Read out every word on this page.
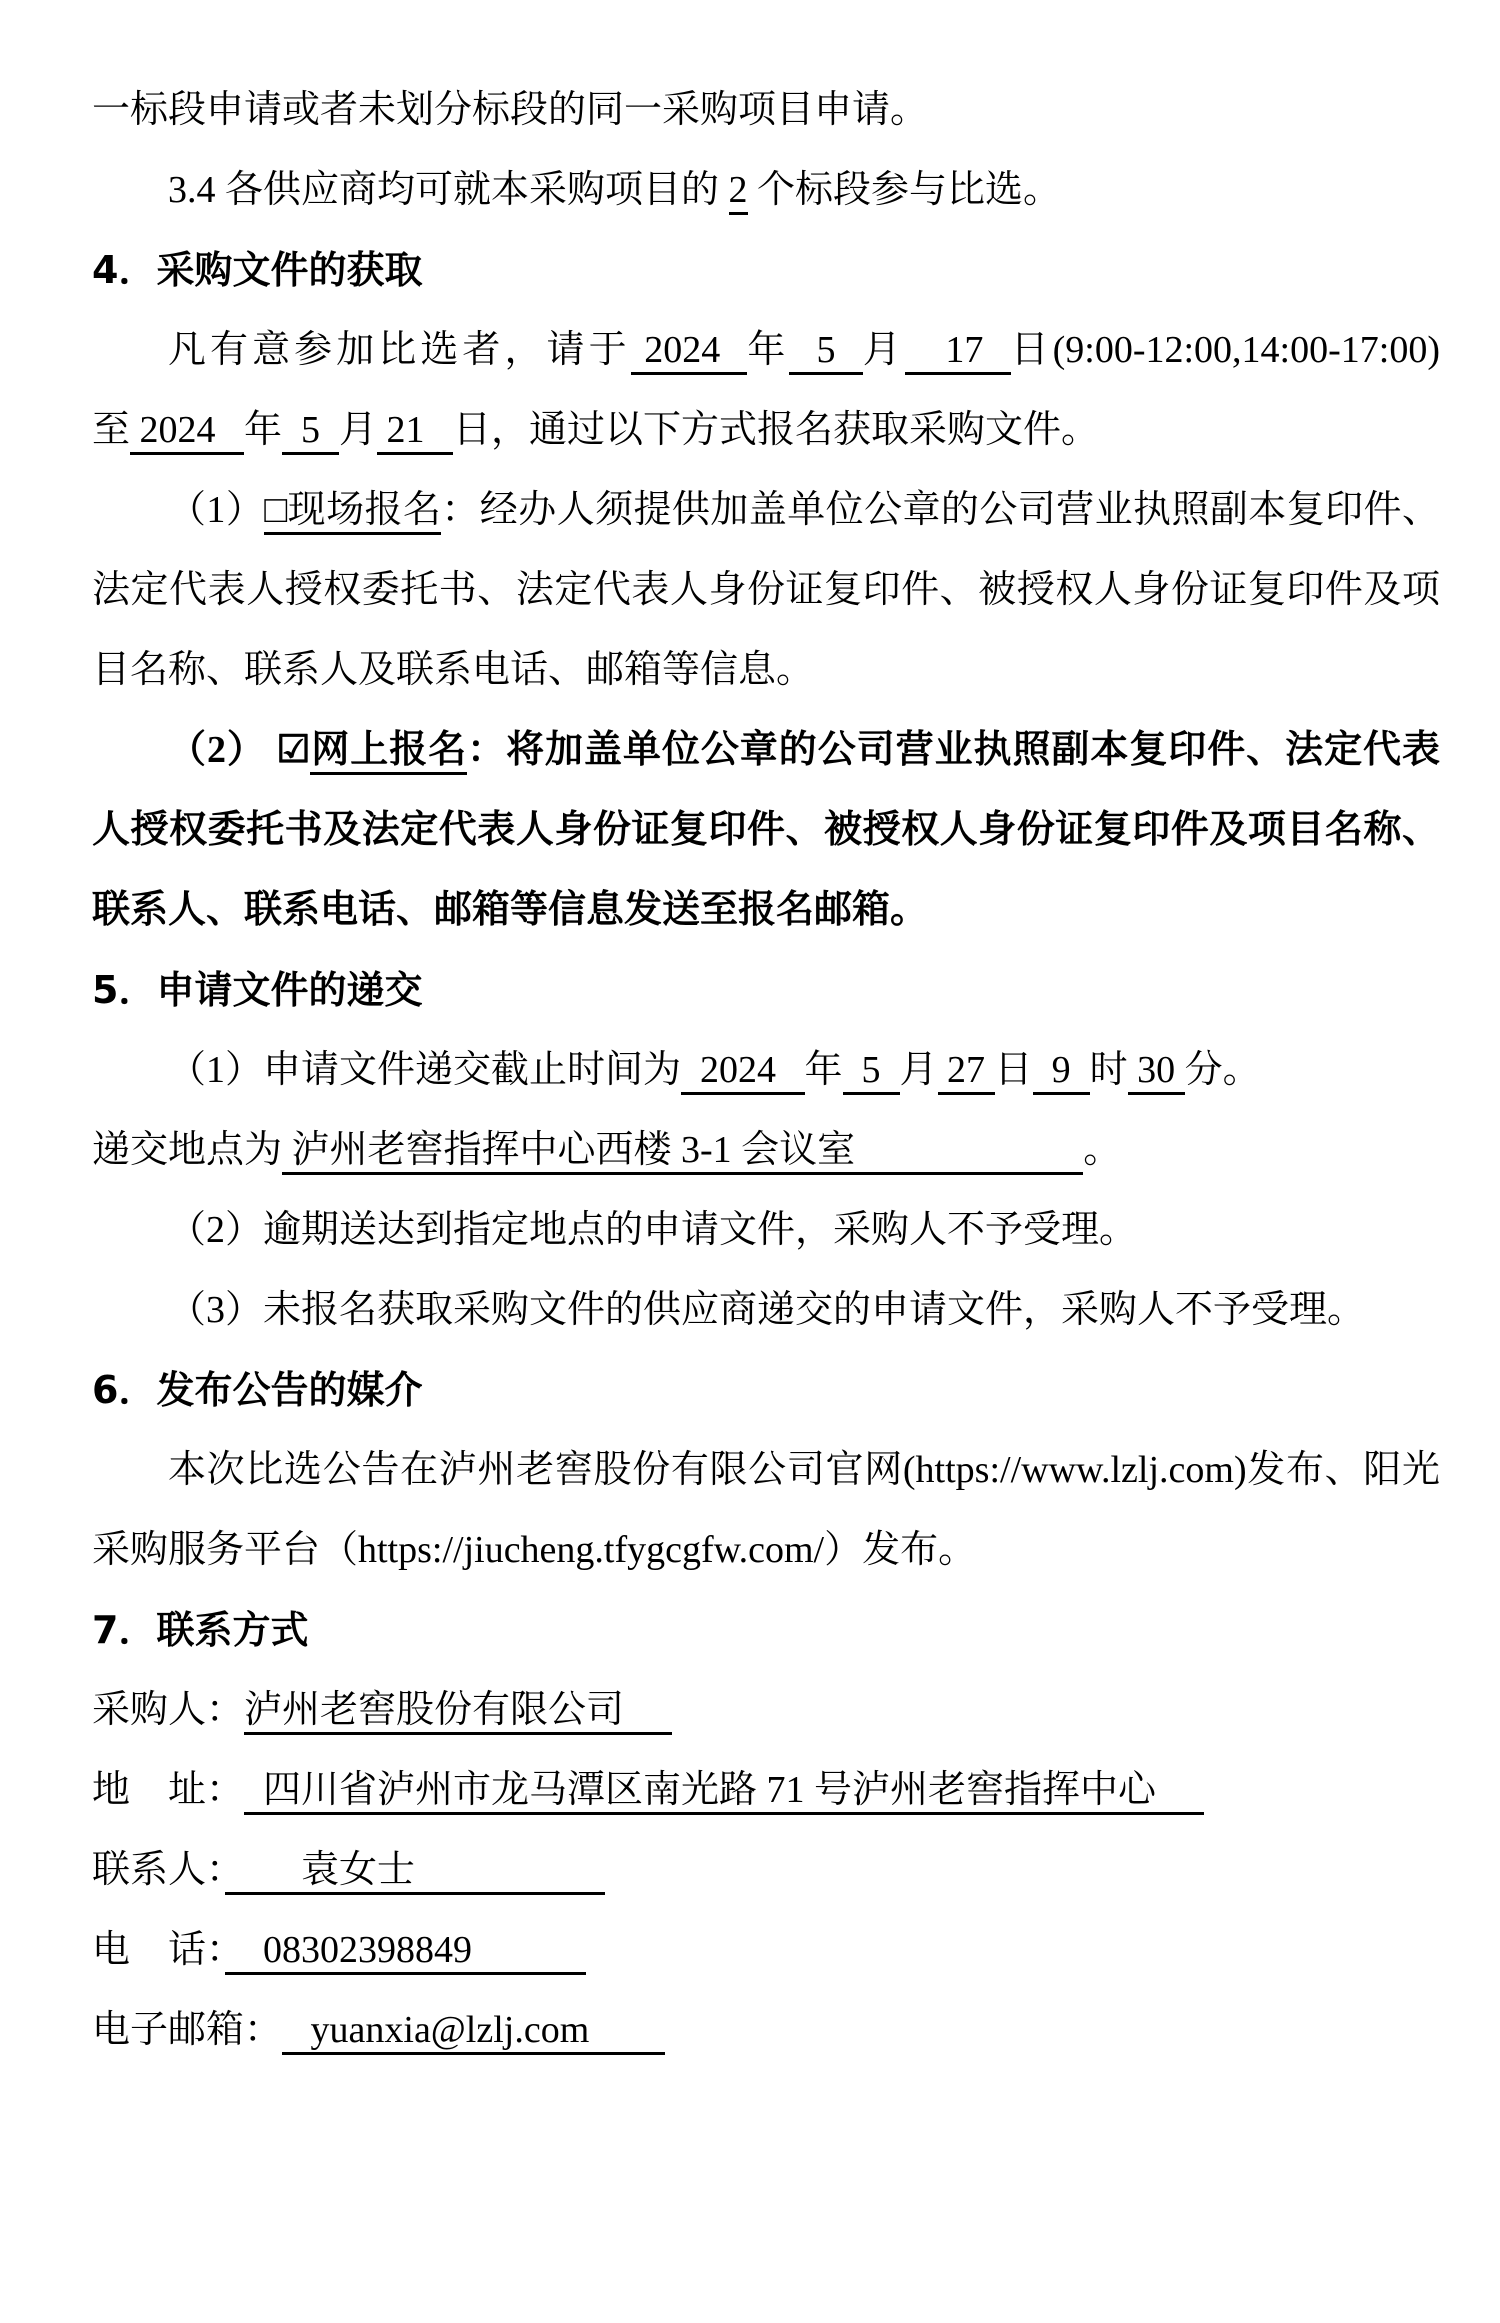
一标段申请或者未划分标段的同一采购项目申请。

3.4 各供应商均可就本采购项目的 2 个标段参与比选。

4．采购文件的获取

凡有意参加比选者，请于 2024  年  5  月   17  日(9:00-12:00,14:00-17:00)至 2024   年  5  月 21   日，通过以下方式报名获取采购文件。

（1）□现场报名：经办人须提供加盖单位公章的公司营业执照副本复印件、法定代表人授权委托书、法定代表人身份证复印件、被授权人身份证复印件及项目名称、联系人及联系电话、邮箱等信息。

（2） ☑网上报名：将加盖单位公章的公司营业执照副本复印件、法定代表人授权委托书及法定代表人身份证复印件、被授权人身份证复印件及项目名称、联系人、联系电话、邮箱等信息发送至报名邮箱。

5．申请文件的递交

（1）申请文件递交截止时间为  2024   年  5  月 27 日  9  时 30 分。

递交地点为 泸州老窖指挥中心西楼 3-1 会议室　　　　　　。

（2）逾期送达到指定地点的申请文件，采购人不予受理。

（3）未报名获取采购文件的供应商递交的申请文件，采购人不予受理。

6．发布公告的媒介

本次比选公告在泸州老窖股份有限公司官网(https://www.lzlj.com)发布、阳光采购服务平台（https://jiucheng.tfygcgfw.com/）发布。

7．联系方式

采购人：泸州老窖股份有限公司　

地　址：  四川省泸州市龙马潭区南光路 71 号泸州老窖指挥中心　

联系人：　　袁女士　　　　　

电　话：　08302398849　　　

电子邮箱：   yuanxia@lzlj.com　　
